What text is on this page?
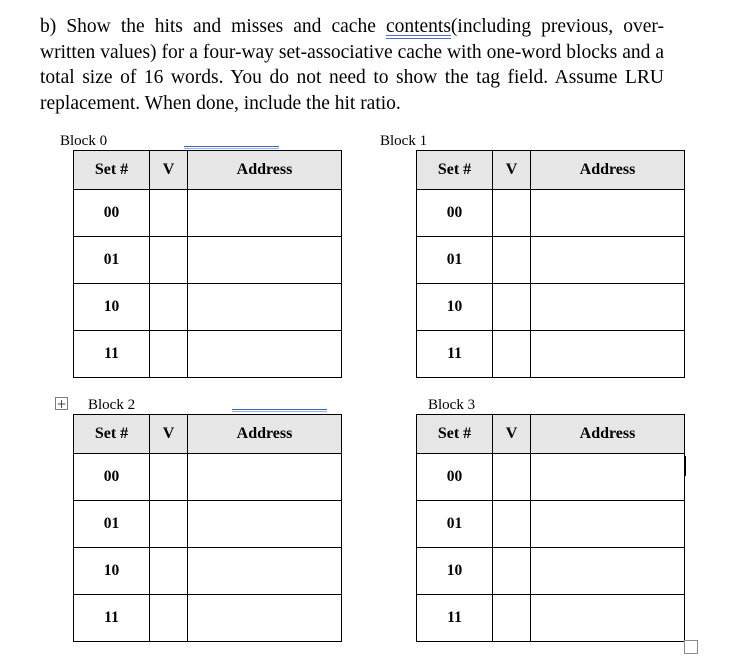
b) Show the hits and misses and cache contents(including previous, over-written values) for a four-way set-associative cache with one-word blocks and a total size of 16 words. You do not need to show the tag field. Assume LRU replacement. When done, include the hit ratio.

Block 0	Block 1
Block 2	Block 3
+
Set #	V	Address
00		
01		
10		
11		
Set #	V	Address
00		
01		
10		
11		
Set #	V	Address
00		
01		
10		
11		
Set #	V	Address
00		
01		
10		
11		
